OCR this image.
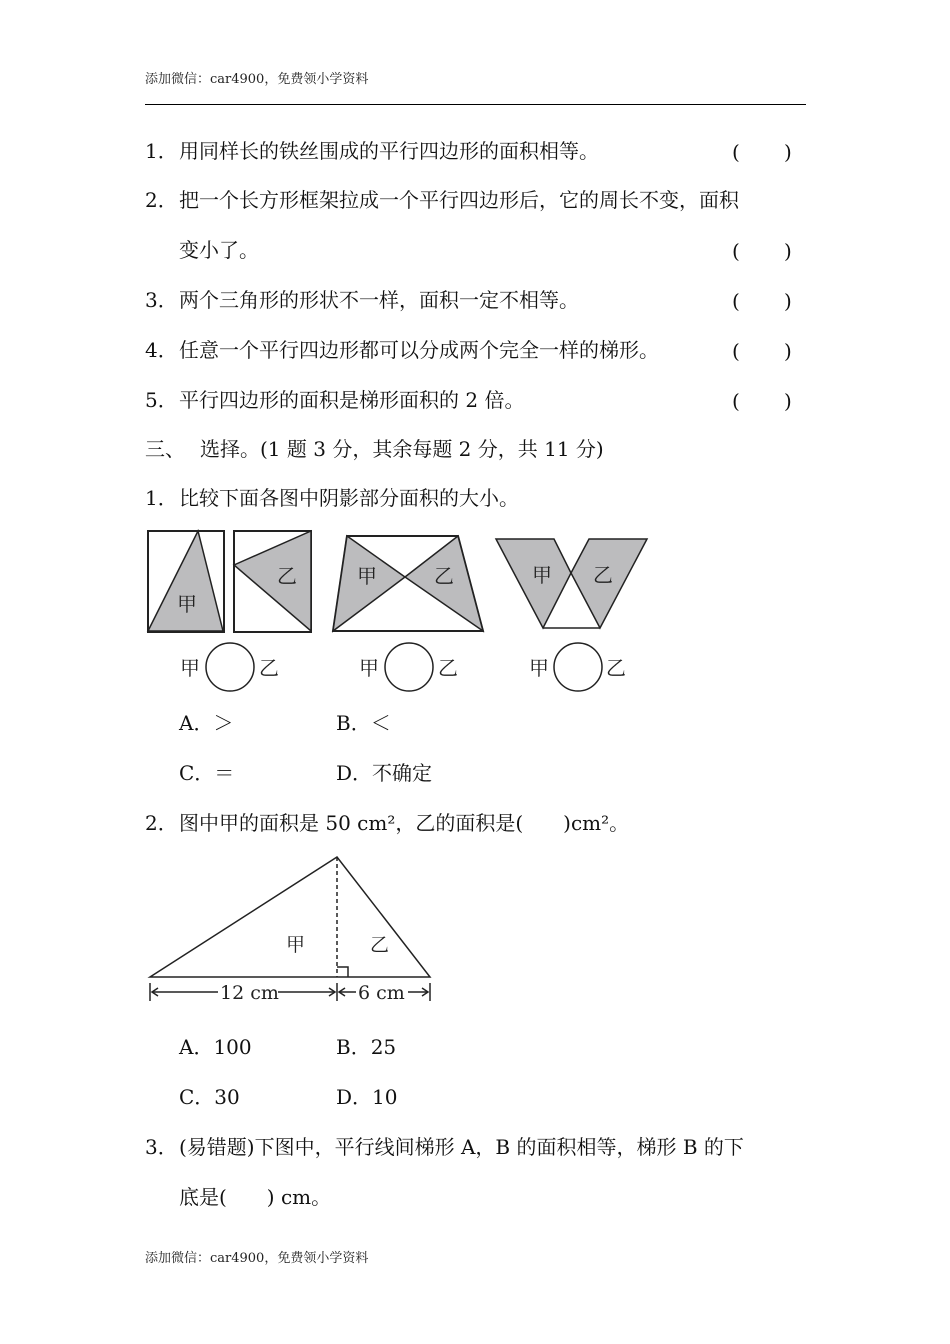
添加微信：car4900，免费领小学资料
1． 用同样长的铁丝围成的平行四边形的面积相等。	( )
2． 把一个长方形框架拉成一个平行四边形后，它的周长不变，面积
变小了。	( )
3． 两个三角形的形状不一样，面积一定不相等。	( )
4． 任意一个平行四边形都可以分成两个完全一样的梯形。	( )
5． 平行四边形的面积是梯形面积的 2 倍。	( )
三、 选择。(1 题 3 分，其余每题 2 分，共 11 分)
1． 比较下面各图中阴影部分面积的大小。
甲
乙	甲	乙	甲 乙
甲	乙	甲	乙	甲	乙
甲	乙
12 cm	6 cm
A．＞	B．＜
C．＝	D．不确定
2． 图中甲的面积是 50 cm²，乙的面积是(　　)cm²。
A．100	B．25
C．30	D．10
3． (易错题)下图中，平行线间梯形 A，B 的面积相等，梯形 B 的下
底是(　　) cm。
添加微信：car4900，免费领小学资料
